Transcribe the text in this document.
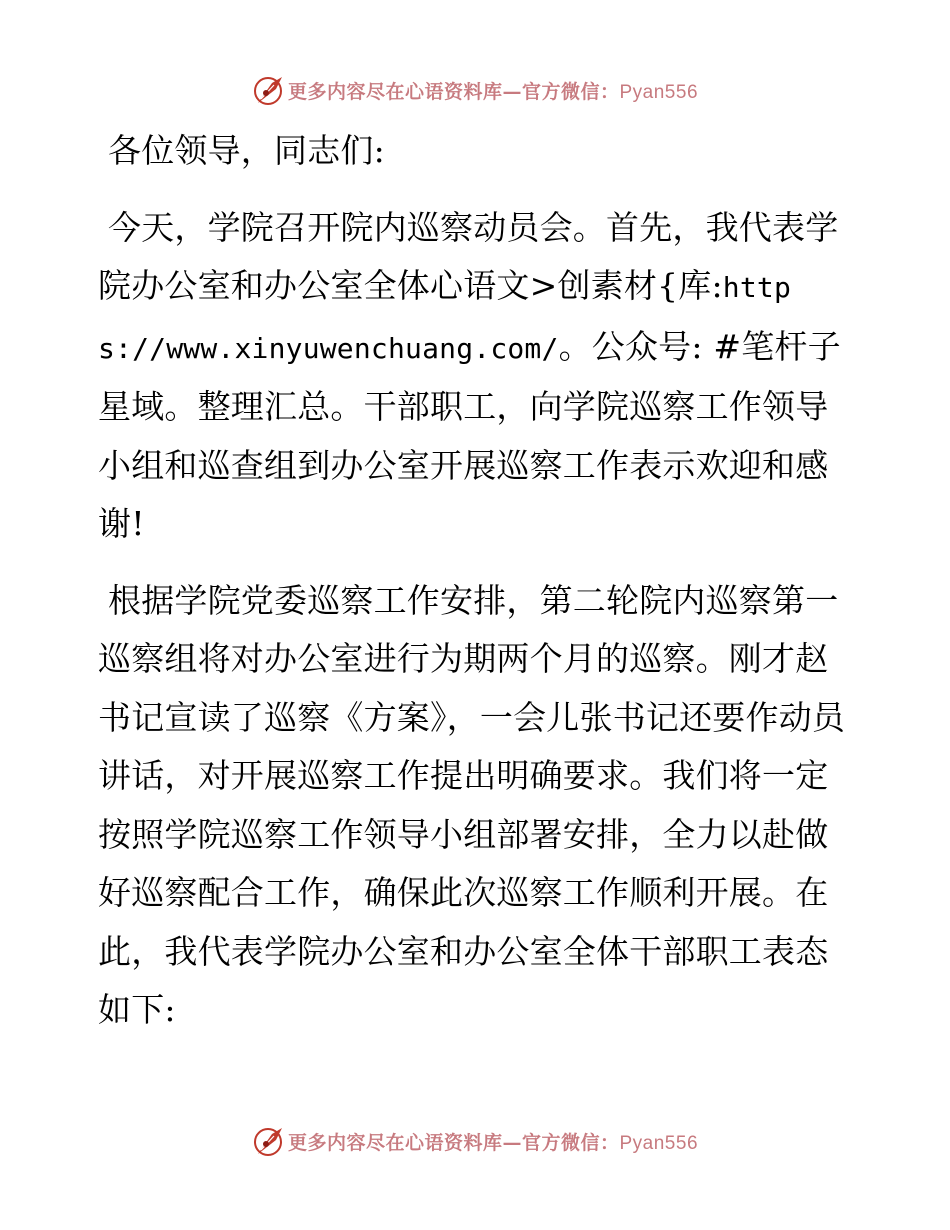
更多内容尽在心语资料库—官方微信：Pyan556

各位领导，同志们:

今天，学院召开院内巡察动员会。首先，我代表学院办公室和办公室全体心语文>创素材{库:https://www.xinyuwenchuang.com/。公众号: #笔杆子星域。整理汇总。干部职工，向学院巡察工作领导小组和巡查组到办公室开展巡察工作表示欢迎和感谢!

根据学院党委巡察工作安排，第二轮院内巡察第一巡察组将对办公室进行为期两个月的巡察。刚才赵书记宣读了巡察《方案》，一会儿张书记还要作动员讲话，对开展巡察工作提出明确要求。我们将一定按照学院巡察工作领导小组部署安排，全力以赴做好巡察配合工作，确保此次巡察工作顺利开展。在此，我代表学院办公室和办公室全体干部职工表态如下:

更多内容尽在心语资料库—官方微信：Pyan556
